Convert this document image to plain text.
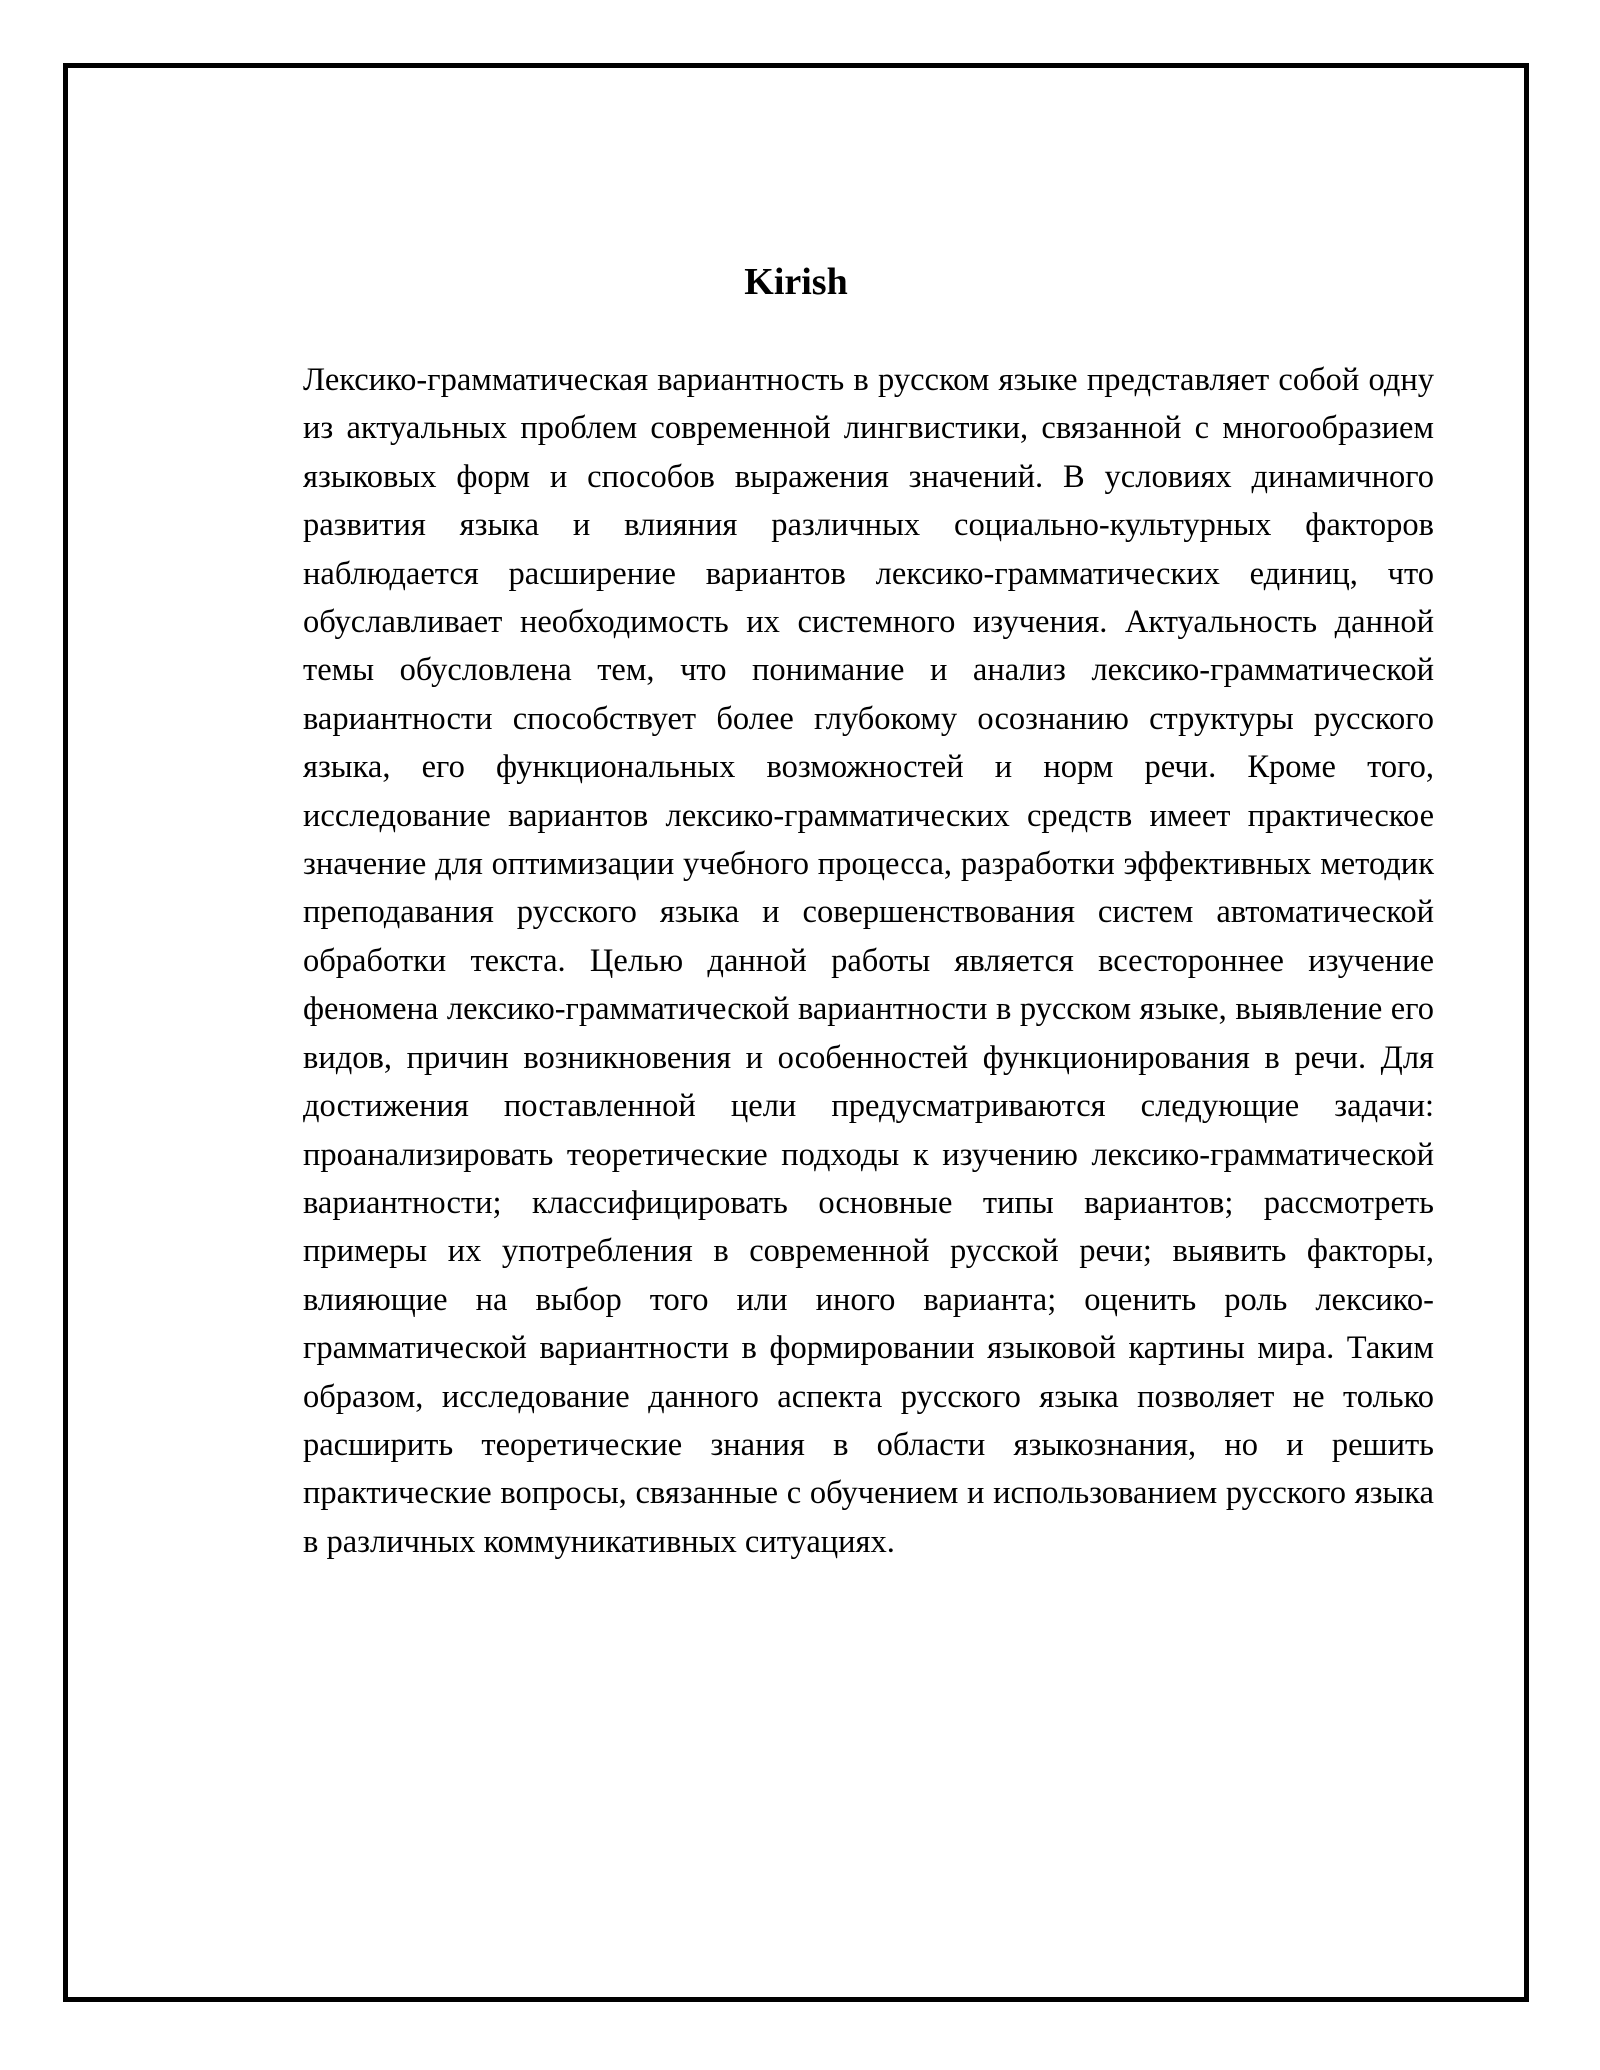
Kirish

Лексико-грамматическая вариантность в русском языке представляет собой одну из актуальных проблем современной лингвистики, связанной с многообразием языковых форм и способов выражения значений. В условиях динамичного развития языка и влияния различных социально-культурных факторов наблюдается расширение вариантов лексико-грамматических единиц, что обуславливает необходимость их системного изучения. Актуальность данной темы обусловлена тем, что понимание и анализ лексико-грамматической вариантности способствует более глубокому осознанию структуры русского языка, его функциональных возможностей и норм речи. Кроме того, исследование вариантов лексико-грамматических средств имеет практическое значение для оптимизации учебного процесса, разработки эффективных методик преподавания русского языка и совершенствования систем автоматической обработки текста. Целью данной работы является всестороннее изучение феномена лексико-грамматической вариантности в русском языке, выявление его видов, причин возникновения и особенностей функционирования в речи. Для достижения поставленной цели предусматриваются следующие задачи: проанализировать теоретические подходы к изучению лексико-грамматической вариантности; классифицировать основные типы вариантов; рассмотреть примеры их употребления в современной русской речи; выявить факторы, влияющие на выбор того или иного варианта; оценить роль лексико-грамматической вариантности в формировании языковой картины мира. Таким образом, исследование данного аспекта русского языка позволяет не только расширить теоретические знания в области языкознания, но и решить практические вопросы, связанные с обучением и использованием русского языка в различных коммуникативных ситуациях.
